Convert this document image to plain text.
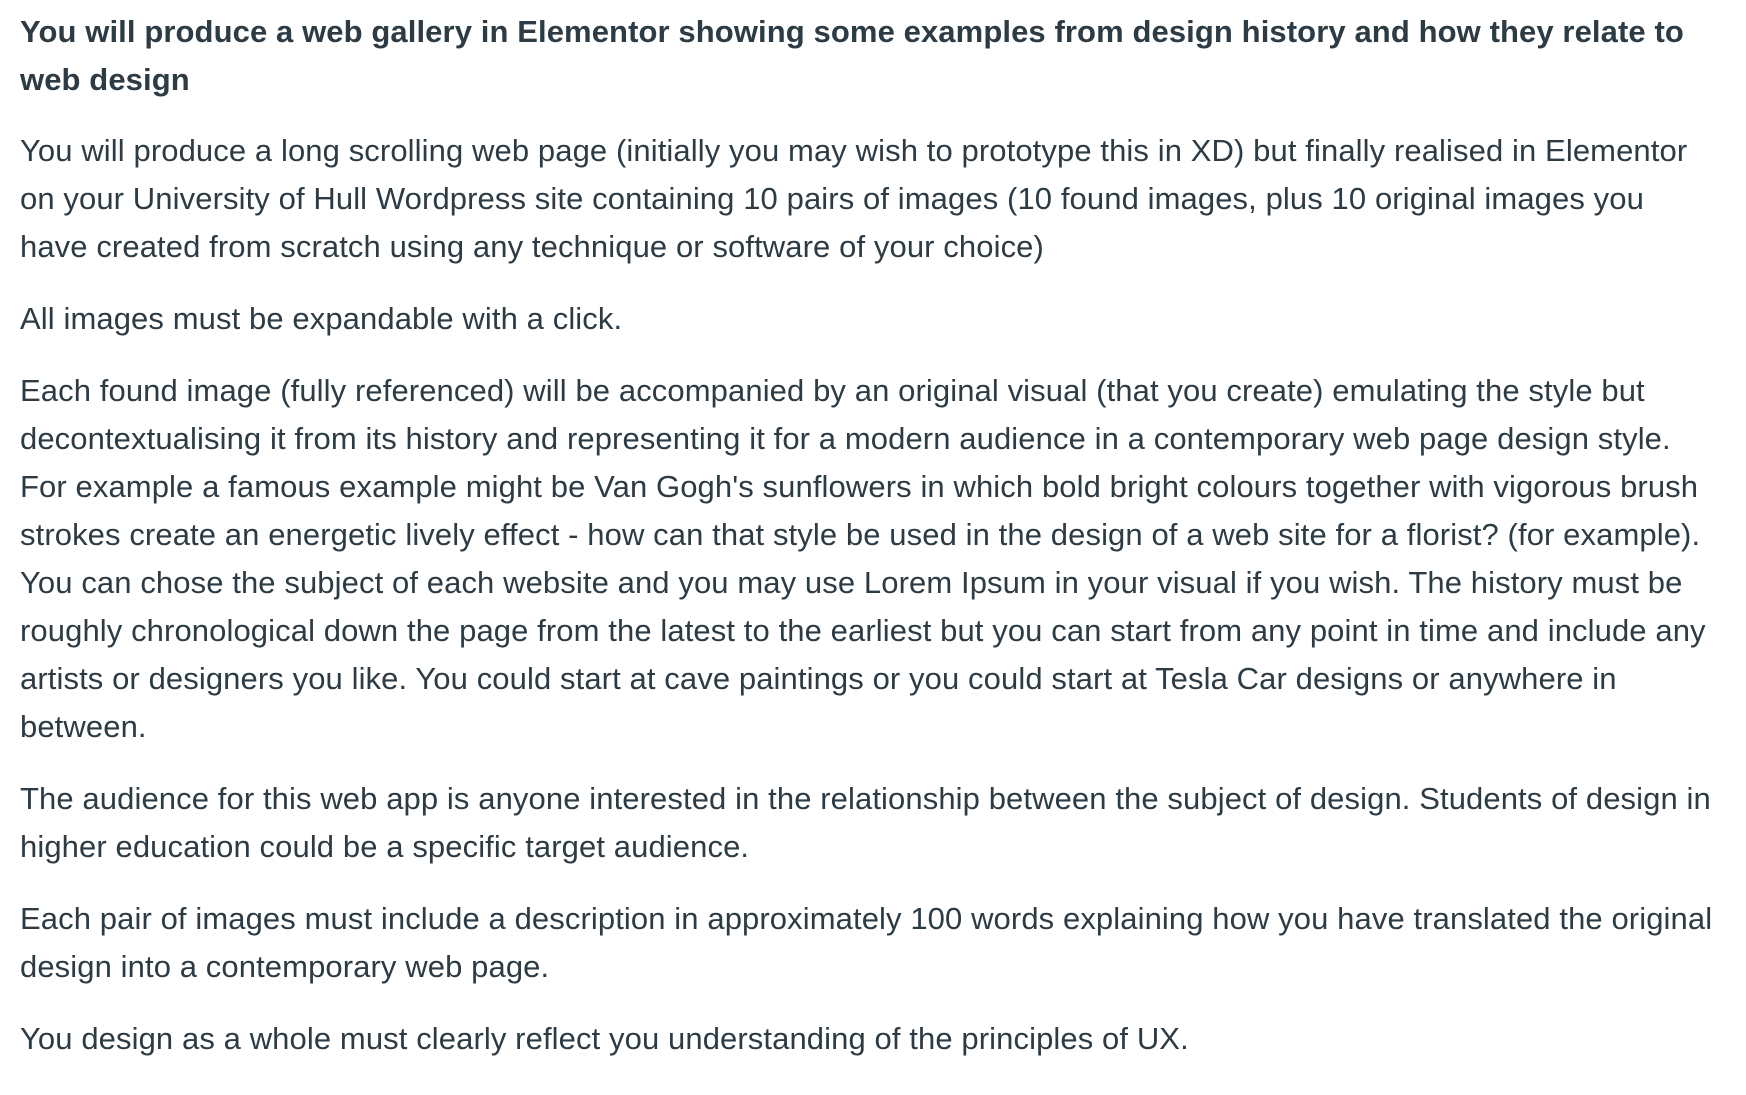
You will produce a web gallery in Elementor showing some examples from design history and how they relate to web design

You will produce a long scrolling web page (initially you may wish to prototype this in XD) but finally realised in Elementor on your University of Hull Wordpress site containing 10 pairs of images (10 found images, plus 10 original images you have created from scratch using any technique or software of your choice)

All images must be expandable with a click.

Each found image (fully referenced) will be accompanied by an original visual (that you create) emulating the style but decontextualising it from its history and representing it for a modern audience in a contemporary web page design style. For example a famous example might be Van Gogh's sunflowers in which bold bright colours together with vigorous brush strokes create an energetic lively effect - how can that style be used in the design of a web site for a florist? (for example). You can chose the subject of each website and you may use Lorem Ipsum in your visual if you wish. The history must be roughly chronological down the page from the latest to the earliest but you can start from any point in time and include any artists or designers you like. You could start at cave paintings or you could start at Tesla Car designs or anywhere in between.

The audience for this web app is anyone interested in the relationship between the subject of design. Students of design in higher education could be a specific target audience.

Each pair of images must include a description in approximately 100 words explaining how you have translated the original design into a contemporary web page.

You design as a whole must clearly reflect you understanding of the principles of UX.
